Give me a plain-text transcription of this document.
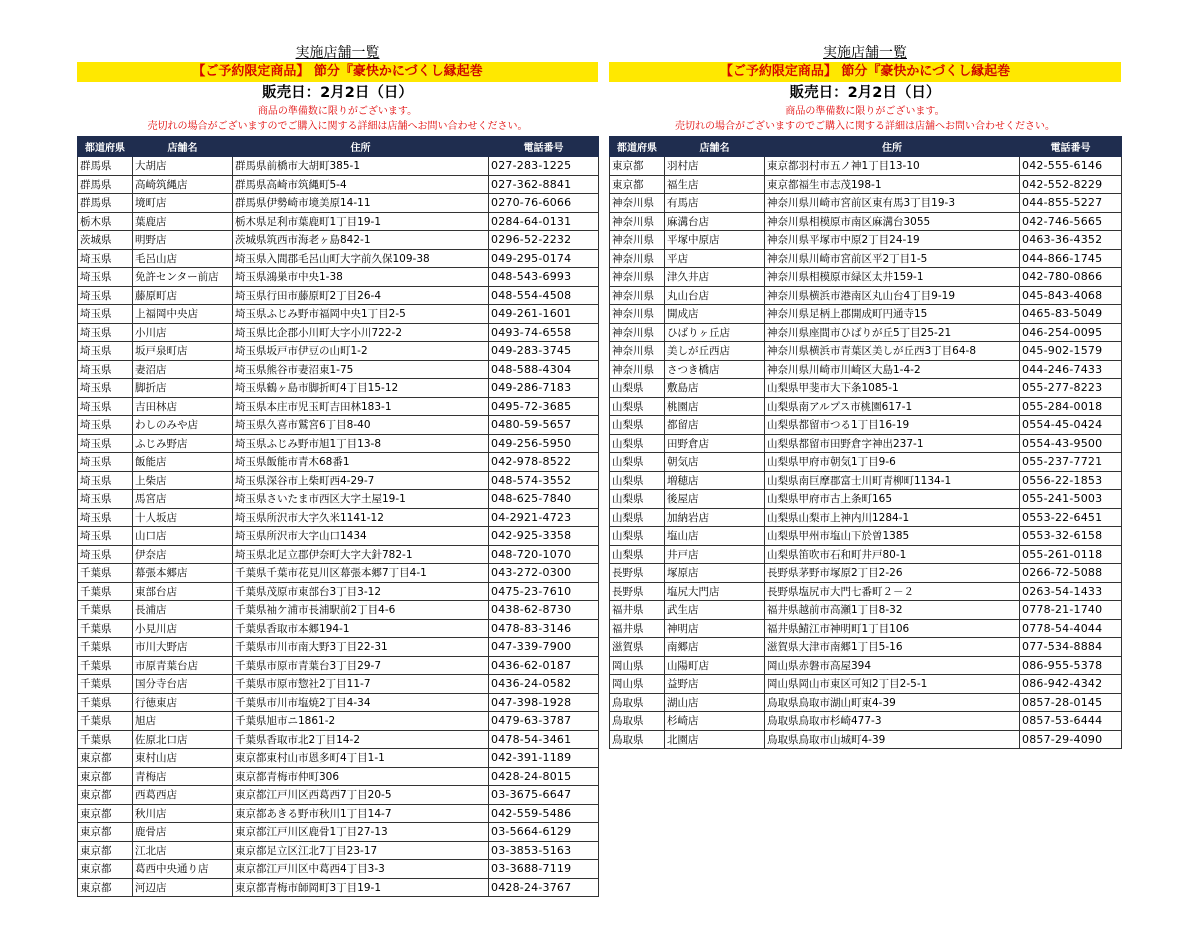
実施店舗一覧
【ご予約限定商品】 節分『豪快かにづくし縁起巻
販売日：2月2日（日）
商品の準備数に限りがございます。
売切れの場合がございますのでご購入に関する詳細は店舗へお問い合わせください。
都道府県	店舗名	住所	電話番号
群馬県	大胡店	群馬県前橋市大胡町385-1	027-283-1225
群馬県	高崎筑縄店	群馬県高崎市筑縄町5-4	027-362-8841
群馬県	境町店	群馬県伊勢崎市境美原14-11	0270-76-6066
栃木県	葉鹿店	栃木県足利市葉鹿町1丁目19-1	0284-64-0131
茨城県	明野店	茨城県筑西市海老ヶ島842-1	0296-52-2232
埼玉県	毛呂山店	埼玉県入間郡毛呂山町大字前久保109-38	049-295-0174
埼玉県	免許センター前店	埼玉県鴻巣市中央1-38	048-543-6993
埼玉県	藤原町店	埼玉県行田市藤原町2丁目26-4	048-554-4508
埼玉県	上福岡中央店	埼玉県ふじみ野市福岡中央1丁目2-5	049-261-1601
埼玉県	小川店	埼玉県比企郡小川町大字小川722-2	0493-74-6558
埼玉県	坂戸泉町店	埼玉県坂戸市伊豆の山町1-2	049-283-3745
埼玉県	妻沼店	埼玉県熊谷市妻沼東1-75	048-588-4304
埼玉県	脚折店	埼玉県鶴ヶ島市脚折町4丁目15-12	049-286-7183
埼玉県	吉田林店	埼玉県本庄市児玉町吉田林183-1	0495-72-3685
埼玉県	わしのみや店	埼玉県久喜市鷲宮6丁目8-40	0480-59-5657
埼玉県	ふじみ野店	埼玉県ふじみ野市旭1丁目13-8	049-256-5950
埼玉県	飯能店	埼玉県飯能市青木68番1	042-978-8522
埼玉県	上柴店	埼玉県深谷市上柴町西4-29-7	048-574-3552
埼玉県	馬宮店	埼玉県さいたま市西区大字土屋19-1	048-625-7840
埼玉県	十人坂店	埼玉県所沢市大字久米1141-12	04-2921-4723
埼玉県	山口店	埼玉県所沢市大字山口1434	042-925-3358
埼玉県	伊奈店	埼玉県北足立郡伊奈町大字大針782-1	048-720-1070
千葉県	幕張本郷店	千葉県千葉市花見川区幕張本郷7丁目4-1	043-272-0300
千葉県	東部台店	千葉県茂原市東部台3丁目3-12	0475-23-7610
千葉県	長浦店	千葉県袖ケ浦市長浦駅前2丁目4-6	0438-62-8730
千葉県	小見川店	千葉県香取市本郷194-1	0478-83-3146
千葉県	市川大野店	千葉県市川市南大野3丁目22-31	047-339-7900
千葉県	市原青葉台店	千葉県市原市青葉台3丁目29-7	0436-62-0187
千葉県	国分寺台店	千葉県市原市惣社2丁目11-7	0436-24-0582
千葉県	行徳東店	千葉県市川市塩焼2丁目4-34	047-398-1928
千葉県	旭店	千葉県旭市ニ1861-2	0479-63-3787
千葉県	佐原北口店	千葉県香取市北2丁目14-2	0478-54-3461
東京都	東村山店	東京都東村山市恩多町4丁目1-1	042-391-1189
東京都	青梅店	東京都青梅市仲町306	0428-24-8015
東京都	西葛西店	東京都江戸川区西葛西7丁目20-5	03-3675-6647
東京都	秋川店	東京都あきる野市秋川1丁目14-7	042-559-5486
東京都	鹿骨店	東京都江戸川区鹿骨1丁目27-13	03-5664-6129
東京都	江北店	東京都足立区江北7丁目23-17	03-3853-5163
東京都	葛西中央通り店	東京都江戸川区中葛西4丁目3-3	03-3688-7119
東京都	河辺店	東京都青梅市師岡町3丁目19-1	0428-24-3767
実施店舗一覧
【ご予約限定商品】 節分『豪快かにづくし縁起巻
販売日：2月2日（日）
商品の準備数に限りがございます。
売切れの場合がございますのでご購入に関する詳細は店舗へお問い合わせください。
都道府県	店舗名	住所	電話番号
東京都	羽村店	東京都羽村市五ノ神1丁目13-10	042-555-6146
東京都	福生店	東京都福生市志茂198-1	042-552-8229
神奈川県	有馬店	神奈川県川崎市宮前区東有馬3丁目19-3	044-855-5227
神奈川県	麻溝台店	神奈川県相模原市南区麻溝台3055	042-746-5665
神奈川県	平塚中原店	神奈川県平塚市中原2丁目24-19	0463-36-4352
神奈川県	平店	神奈川県川崎市宮前区平2丁目1-5	044-866-1745
神奈川県	津久井店	神奈川県相模原市緑区太井159-1	042-780-0866
神奈川県	丸山台店	神奈川県横浜市港南区丸山台4丁目9-19	045-843-4068
神奈川県	開成店	神奈川県足柄上郡開成町円通寺15	0465-83-5049
神奈川県	ひばりヶ丘店	神奈川県座間市ひばりが丘5丁目25-21	046-254-0095
神奈川県	美しが丘西店	神奈川県横浜市青葉区美しが丘西3丁目64-8	045-902-1579
神奈川県	さつき橋店	神奈川県川崎市川崎区大島1-4-2	044-246-7433
山梨県	敷島店	山梨県甲斐市大下条1085-1	055-277-8223
山梨県	桃園店	山梨県南アルプス市桃園617-1	055-284-0018
山梨県	都留店	山梨県都留市つる1丁目16-19	0554-45-0424
山梨県	田野倉店	山梨県都留市田野倉字神出237-1	0554-43-9500
山梨県	朝気店	山梨県甲府市朝気1丁目9-6	055-237-7721
山梨県	増穂店	山梨県南巨摩郡富士川町青柳町1134-1	0556-22-1853
山梨県	後屋店	山梨県甲府市古上条町165	055-241-5003
山梨県	加納岩店	山梨県山梨市上神内川1284-1	0553-22-6451
山梨県	塩山店	山梨県甲州市塩山下於曽1385	0553-32-6158
山梨県	井戸店	山梨県笛吹市石和町井戸80-1	055-261-0118
長野県	塚原店	長野県茅野市塚原2丁目2-26	0266-72-5088
長野県	塩尻大門店	長野県塩尻市大門七番町２－２	0263-54-1433
福井県	武生店	福井県越前市高瀬1丁目8-32	0778-21-1740
福井県	神明店	福井県鯖江市神明町1丁目106	0778-54-4044
滋賀県	南郷店	滋賀県大津市南郷1丁目5-16	077-534-8884
岡山県	山陽町店	岡山県赤磐市高屋394	086-955-5378
岡山県	益野店	岡山県岡山市東区可知2丁目2-5-1	086-942-4342
鳥取県	湖山店	鳥取県鳥取市湖山町東4-39	0857-28-0145
鳥取県	杉崎店	鳥取県鳥取市杉崎477-3	0857-53-6444
鳥取県	北園店	鳥取県鳥取市山城町4-39	0857-29-4090
